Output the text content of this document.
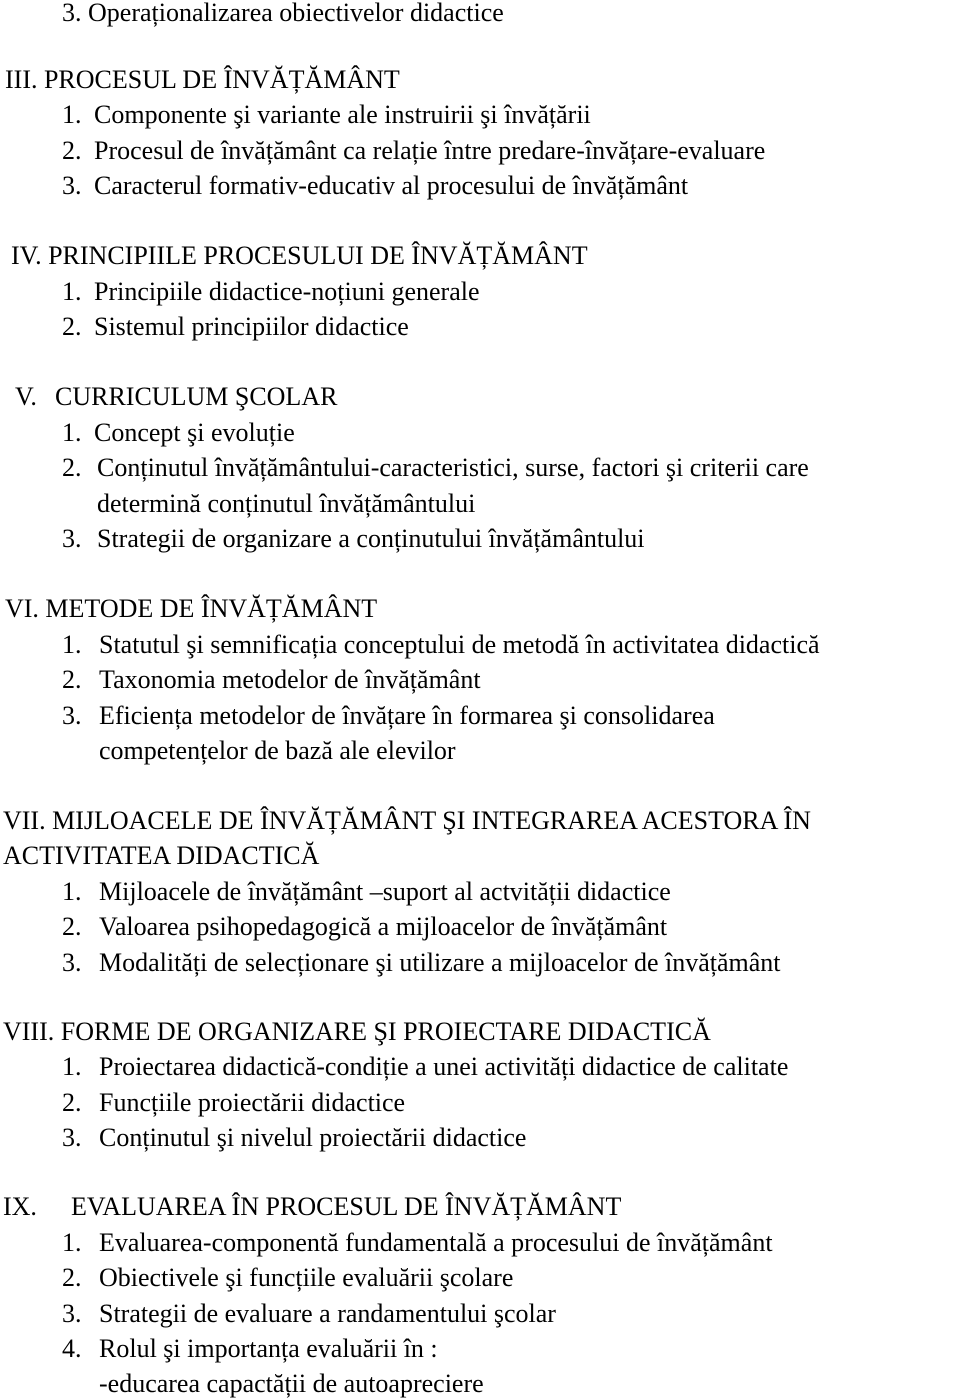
3. Operaționalizarea obiectivelor didactice
III. PROCESUL DE ÎNVĂȚĂMÂNT
1. Componente şi variante ale instruirii şi învățării
2. Procesul de învățământ ca relație între predare-învățare-evaluare
3. Caracterul formativ-educativ al procesului de învățământ
IV. PRINCIPIILE PROCESULUI DE ÎNVĂȚĂMÂNT
1. Principiile didactice-noțiuni generale
2. Sistemul principiilor didactice
V. CURRICULUM ŞCOLAR
1. Concept şi evoluție
2. Conținutul învățământului-caracteristici, surse, factori şi criterii care
determină conținutul învățământului
3. Strategii de organizare a conținutului învățământului
VI. METODE DE ÎNVĂȚĂMÂNT
1. Statutul şi semnificația conceptului de metodă în activitatea didactică
2. Taxonomia metodelor de învățământ
3. Eficiența metodelor de învățare în formarea şi consolidarea
competențelor de bază ale elevilor
VII. MIJLOACELE DE ÎNVĂȚĂMÂNT ŞI INTEGRAREA ACESTORA ÎN
ACTIVITATEA DIDACTICĂ
1. Mijloacele de învățământ –suport al actvității didactice
2. Valoarea psihopedagogică a mijloacelor de învățământ
3. Modalități de selecționare şi utilizare a mijloacelor de învățământ
VIII. FORME DE ORGANIZARE ŞI PROIECTARE DIDACTICĂ
1. Proiectarea didactică-condiție a unei activități didactice de calitate
2. Funcțiile proiectării didactice
3. Conținutul şi nivelul proiectării didactice
IX. EVALUAREA ÎN PROCESUL DE ÎNVĂȚĂMÂNT
1. Evaluarea-componentă fundamentală a procesului de învățământ
2. Obiectivele şi funcțiile evaluării şcolare
3. Strategii de evaluare a randamentului şcolar
4. Rolul şi importanța evaluării în :
-educarea capactății de autoapreciere
